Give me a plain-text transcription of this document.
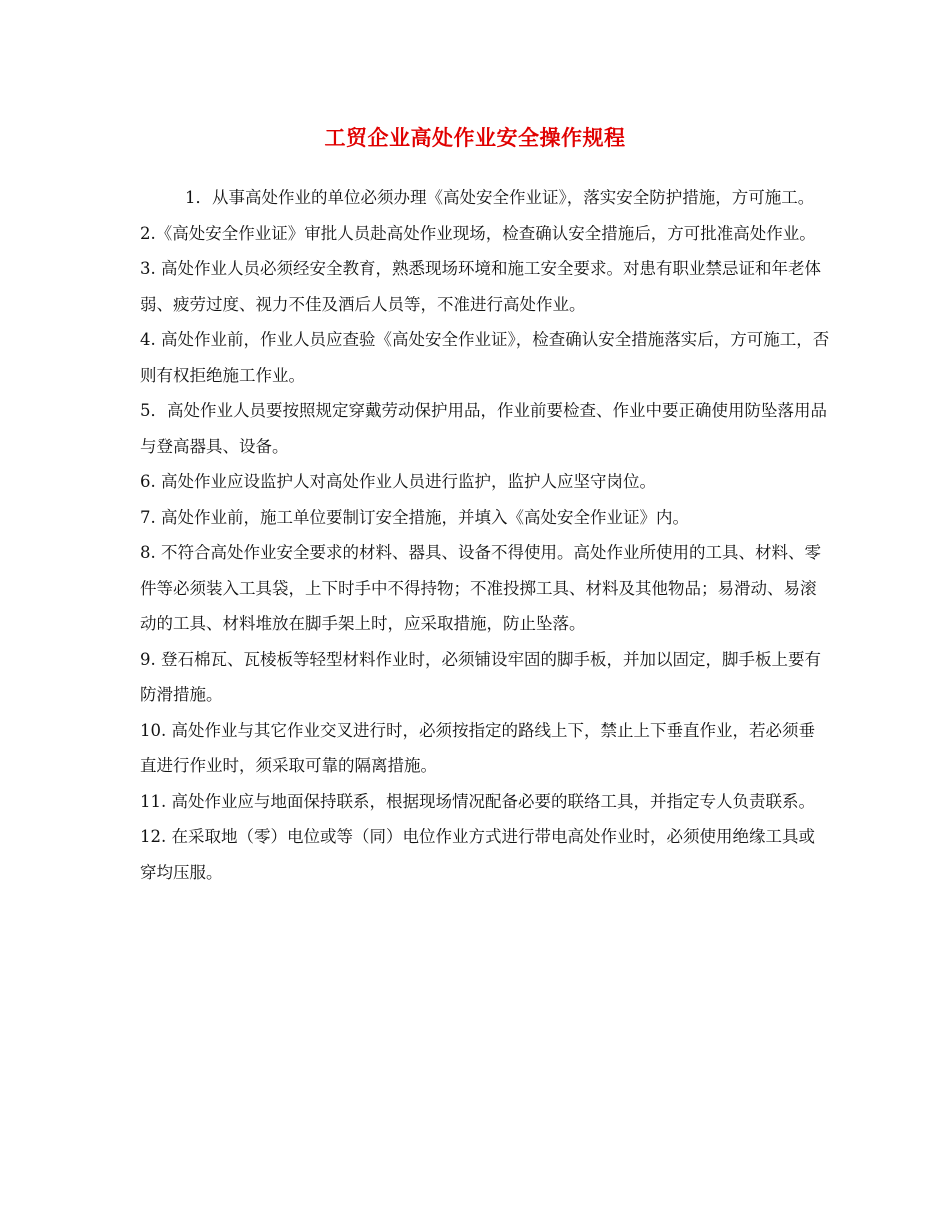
工贸企业高处作业安全操作规程

1．从事高处作业的单位必须办理《高处安全作业证》，落实安全防护措施，方可施工。

2.《高处安全作业证》审批人员赴高处作业现场，检查确认安全措施后，方可批准高处作业。

3. 高处作业人员必须经安全教育，熟悉现场环境和施工安全要求。对患有职业禁忌证和年老体弱、疲劳过度、视力不佳及酒后人员等，不准进行高处作业。

4. 高处作业前，作业人员应查验《高处安全作业证》，检查确认安全措施落实后，方可施工，否则有权拒绝施工作业。

5．高处作业人员要按照规定穿戴劳动保护用品，作业前要检查、作业中要正确使用防坠落用品与登高器具、设备。

6. 高处作业应设监护人对高处作业人员进行监护，监护人应坚守岗位。

7. 高处作业前，施工单位要制订安全措施，并填入《高处安全作业证》内。

8. 不符合高处作业安全要求的材料、器具、设备不得使用。高处作业所使用的工具、材料、零件等必须装入工具袋，上下时手中不得持物；不准投掷工具、材料及其他物品；易滑动、易滚动的工具、材料堆放在脚手架上时，应采取措施，防止坠落。

9. 登石棉瓦、瓦棱板等轻型材料作业时，必须铺设牢固的脚手板，并加以固定，脚手板上要有防滑措施。

10. 高处作业与其它作业交叉进行时，必须按指定的路线上下，禁止上下垂直作业，若必须垂直进行作业时，须采取可靠的隔离措施。

11. 高处作业应与地面保持联系，根据现场情况配备必要的联络工具，并指定专人负责联系。

12. 在采取地（零）电位或等（同）电位作业方式进行带电高处作业时，必须使用绝缘工具或穿均压服。
